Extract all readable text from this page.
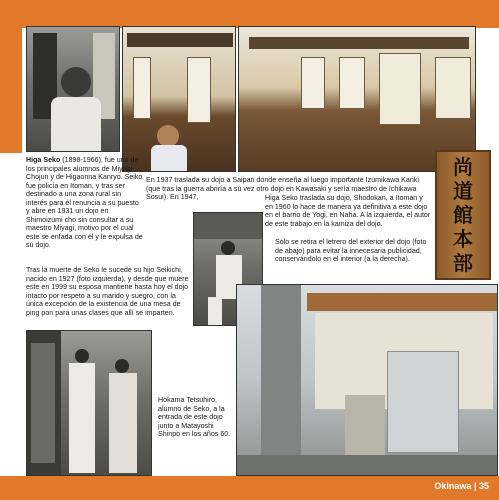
Higa Seko (1898-1966), fue uno de los principales alumnos de Miyagi Chojun y de Higaonna Kanryo. Seiko fue policía en Itoman, y tras ser destinado a una zona rural sin interés para él renuncia a su puesto y abre en 1931 un dojo en Shimoizumi cho sin consultar a su maestro Miyagi, motivo por el cual este se enfada con él y le expulsa de su dojo.

En 1937 traslada su dojo a Saipan donde enseña al luego importante Izumikawa Kanki (que tras la guerra abriría a su vez otro dojo en Kawasaki y sería maestro de Ichikawa Sosui). En 1947,	Higa Seko traslada su dojo, Shodokan, a Itoman y en 1960 lo hace de manera ya definitiva a este dojo en el barrio de Yogi, en Naha. A la izquierda, el autor de este trabajo en la kamiza del dojo.

Sólo se retira el letrero del exterior del dojo (foto de abajo) para evitar la innecesaria publicidad, conservándolo en el interior (a la derecha).

尚
道
館
本
部

Tras la muerte de Seko le sucede su hijo Seikichi, nacido en 1927 (foto izquierda), y desde que muere este en 1999 su esposa mantiene hasta hoy el dojo intacto por respeto a su marido y suegro, con la única excepción de la existencia de una mesa de ping pon para unas clases que allí se imparten.

Hokama Tetsuhiro, alumno de Seko, a la entrada de este dojo junto a Matayoshi Shinpo en los años 60.

Okinawa | 35
